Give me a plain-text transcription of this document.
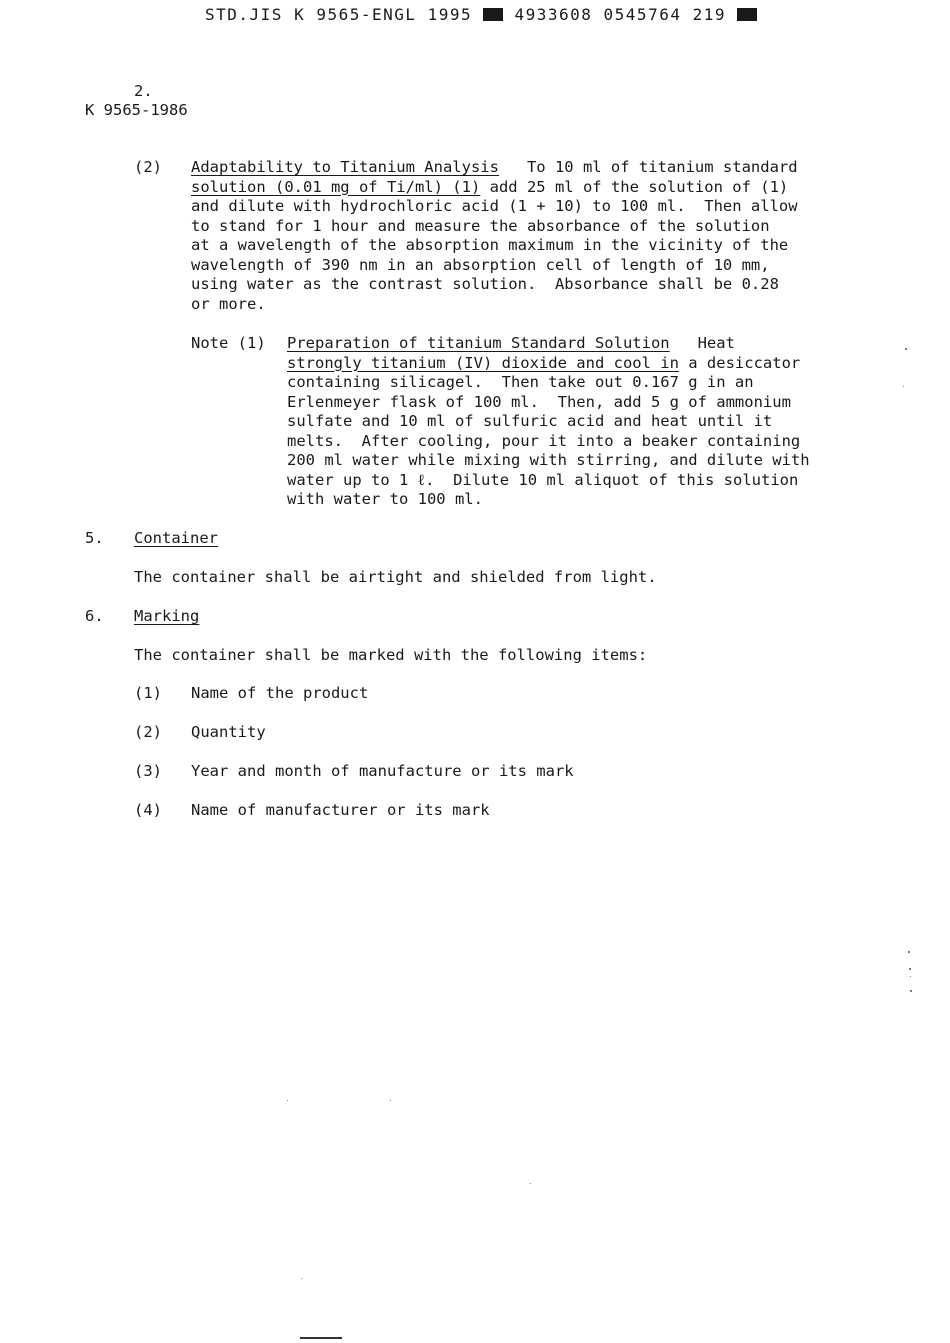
STD.JIS K 9565-ENGL 1995	4933608 0545764 219
2.
K 9565-1986
(2) Adaptability to Titanium Analysis   To 10 ml of titanium standard
solution (0.01 mg of Ti/ml) (1) add 25 ml of the solution of (1)
and dilute with hydrochloric acid (1 + 10) to 100 ml.  Then allow
to stand for 1 hour and measure the absorbance of the solution
at a wavelength of the absorption maximum in the vicinity of the
wavelength of 390 nm in an absorption cell of length of 10 mm,
using water as the contrast solution.  Absorbance shall be 0.28
or more.
Note (1) Preparation of titanium Standard Solution   Heat
strongly titanium (IV) dioxide and cool in a desiccator
containing silicagel.  Then take out 0.167 g in an
Erlenmeyer flask of 100 ml.  Then, add 5 g of ammonium
sulfate and 10 ml of sulfuric acid and heat until it
melts.  After cooling, pour it into a beaker containing
200 ml water while mixing with stirring, and dilute with
water up to 1 ℓ.  Dilute 10 ml aliquot of this solution
with water to 100 ml.
5. Container
The container shall be airtight and shielded from light.
6. Marking
The container shall be marked with the following items:
(1) Name of the product
(2) Quantity
(3) Year and month of manufacture or its mark
(4) Name of manufacturer or its mark
